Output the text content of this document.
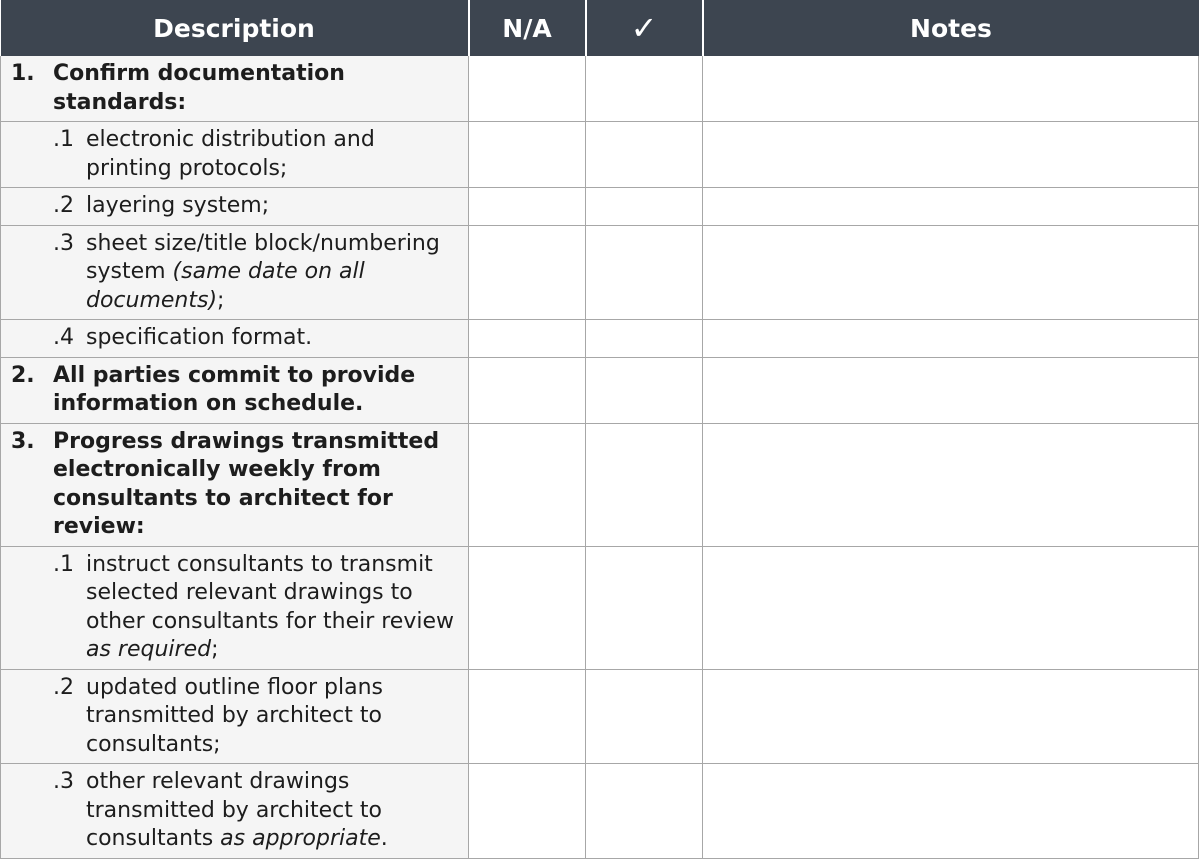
Description	N/A	✓	Notes

1. Confirm documentation standards:			

.1 electronic distribution and printing protocols;			

.2 layering system;			

.3 sheet size/title block/numbering system (same date on all documents);			

.4 specification format.			

2. All parties commit to provide information on schedule.			

3. Progress drawings transmitted electronically weekly from consultants to architect for review:			

.1 instruct consultants to transmit selected relevant drawings to other consultants for their review as required;			

.2 updated outline floor plans transmitted by architect to consultants;			

.3 other relevant drawings transmitted by architect to consultants as appropriate.			
